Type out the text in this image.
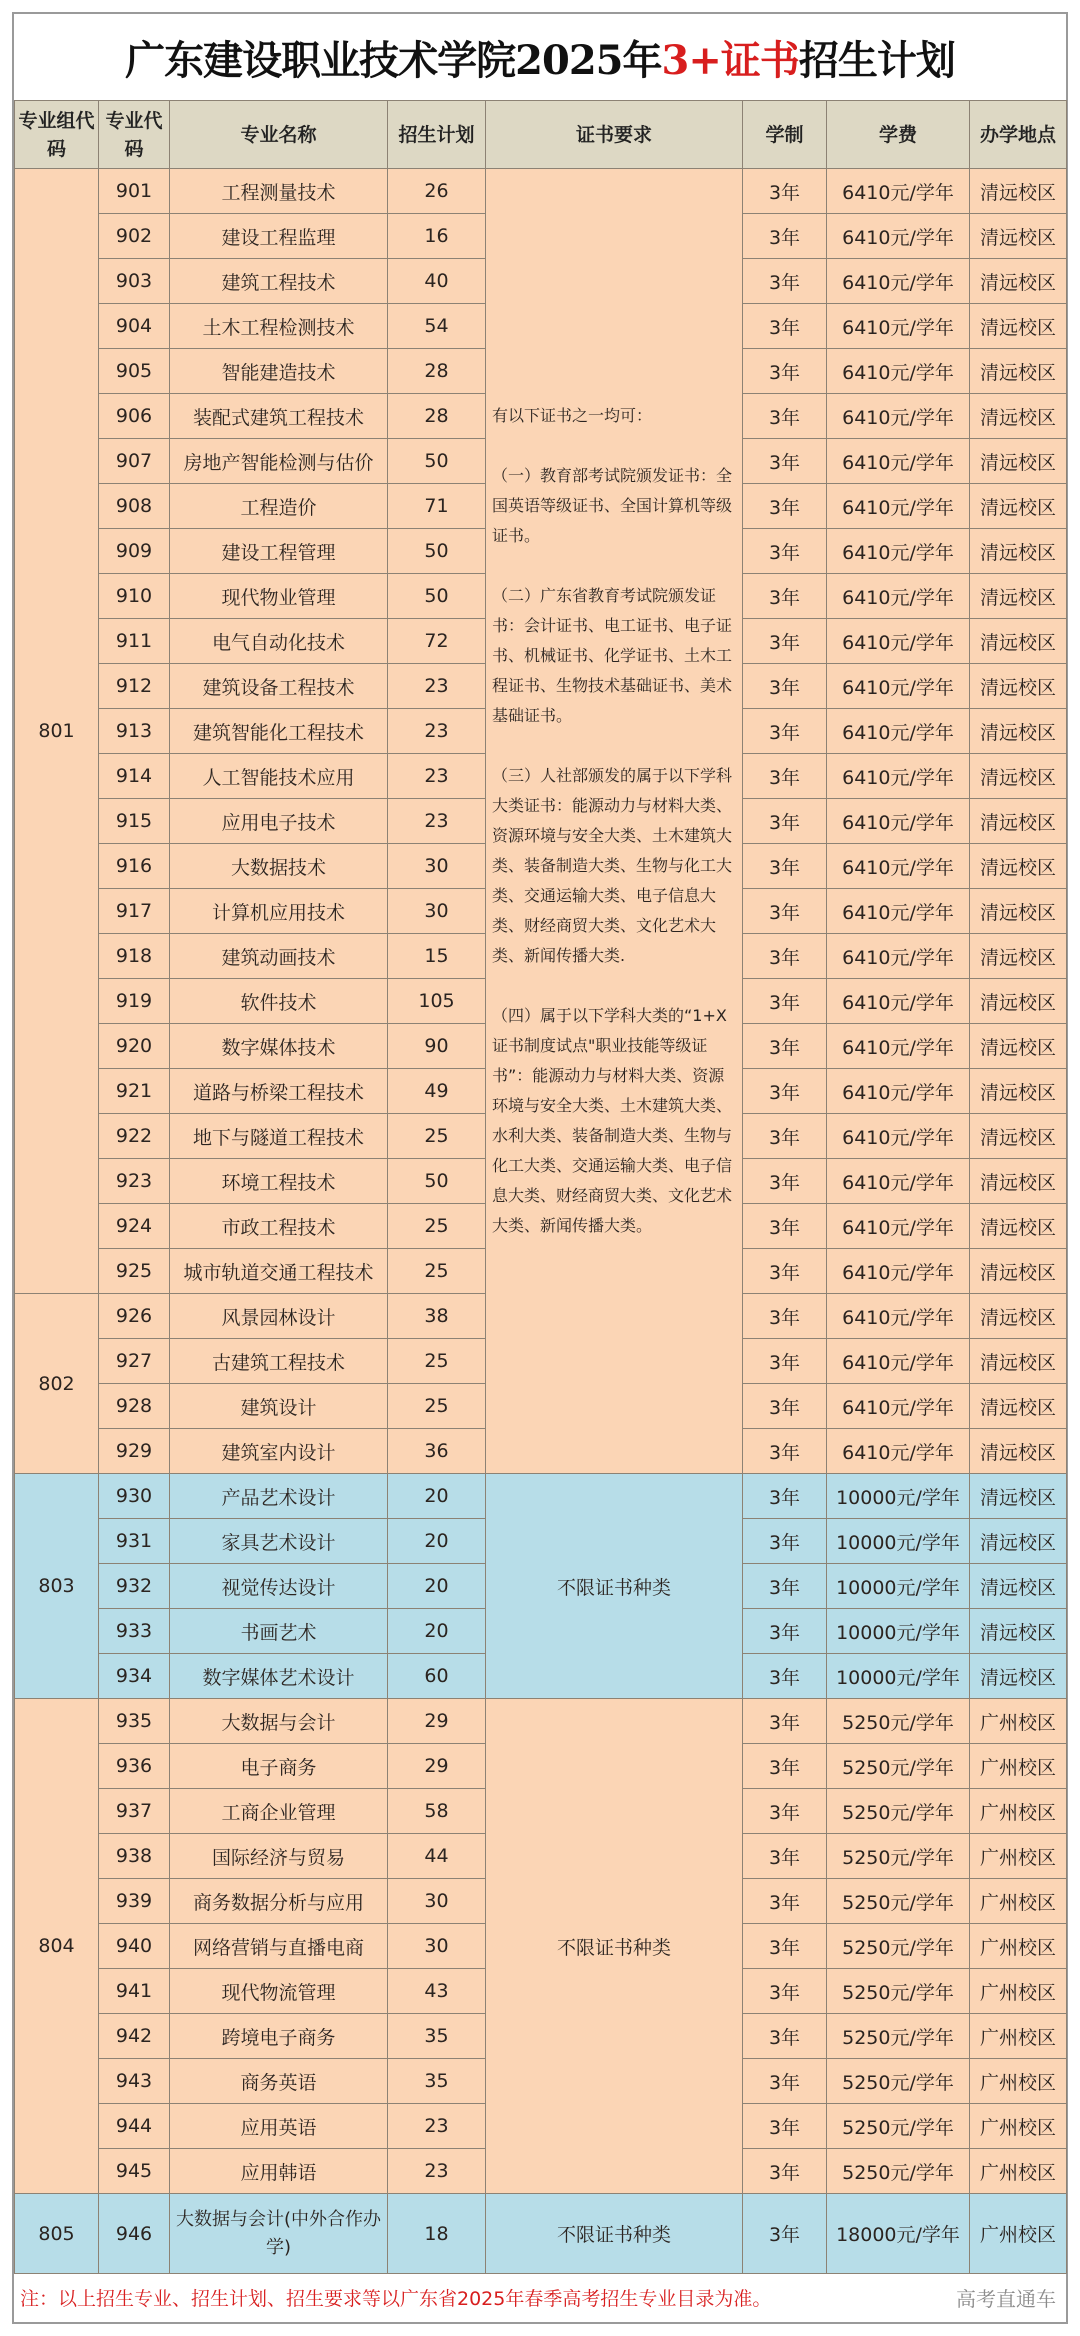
广东建设职业技术学院2025年 3+证书 招生计划
专业组代码	专业代码	专业名称	招生计划	证书要求	学制	学费	办学地点
801	901	工程测量技术	26	有以下证书之一均可：

（一）教育部考试院颁发证书：全国英语等级证书、全国计算机等级证书。

（二）广东省教育考试院颁发证书：会计证书、电工证书、电子证书、机械证书、化学证书、土木工程证书、生物技术基础证书、美术基础证书。

（三）人社部颁发的属于以下学科大类证书：能源动力与材料大类、资源环境与安全大类、土木建筑大类、装备制造大类、生物与化工大类、交通运输大类、电子信息大类、财经商贸大类、文化艺术大类、新闻传播大类.

（四）属于以下学科大类的“1+X证书制度试点"职业技能等级证书”：能源动力与材料大类、资源环境与安全大类、土木建筑大类、水利大类、装备制造大类、生物与化工大类、交通运输大类、电子信息大类、财经商贸大类、文化艺术大类、新闻传播大类。	3年	6410元/学年	清远校区
	902	建设工程监理	16		3年	6410元/学年	清远校区
	903	建筑工程技术	40		3年	6410元/学年	清远校区
	904	土木工程检测技术	54		3年	6410元/学年	清远校区
	905	智能建造技术	28		3年	6410元/学年	清远校区
	906	装配式建筑工程技术	28		3年	6410元/学年	清远校区
	907	房地产智能检测与估价	50		3年	6410元/学年	清远校区
	908	工程造价	71		3年	6410元/学年	清远校区
	909	建设工程管理	50		3年	6410元/学年	清远校区
	910	现代物业管理	50		3年	6410元/学年	清远校区
	911	电气自动化技术	72		3年	6410元/学年	清远校区
	912	建筑设备工程技术	23		3年	6410元/学年	清远校区
	913	建筑智能化工程技术	23		3年	6410元/学年	清远校区
	914	人工智能技术应用	23		3年	6410元/学年	清远校区
	915	应用电子技术	23		3年	6410元/学年	清远校区
	916	大数据技术	30		3年	6410元/学年	清远校区
	917	计算机应用技术	30		3年	6410元/学年	清远校区
	918	建筑动画技术	15		3年	6410元/学年	清远校区
	919	软件技术	105		3年	6410元/学年	清远校区
	920	数字媒体技术	90		3年	6410元/学年	清远校区
	921	道路与桥梁工程技术	49		3年	6410元/学年	清远校区
	922	地下与隧道工程技术	25		3年	6410元/学年	清远校区
	923	环境工程技术	50		3年	6410元/学年	清远校区
	924	市政工程技术	25		3年	6410元/学年	清远校区
	925	城市轨道交通工程技术	25		3年	6410元/学年	清远校区
802	926	风景园林设计	38		3年	6410元/学年	清远校区
	927	古建筑工程技术	25		3年	6410元/学年	清远校区
	928	建筑设计	25		3年	6410元/学年	清远校区
	929	建筑室内设计	36		3年	6410元/学年	清远校区
803	930	产品艺术设计	20	不限证书种类	3年	10000元/学年	清远校区
	931	家具艺术设计	20		3年	10000元/学年	清远校区
	932	视觉传达设计	20		3年	10000元/学年	清远校区
	933	书画艺术	20		3年	10000元/学年	清远校区
	934	数字媒体艺术设计	60		3年	10000元/学年	清远校区
804	935	大数据与会计	29	不限证书种类	3年	5250元/学年	广州校区
	936	电子商务	29		3年	5250元/学年	广州校区
	937	工商企业管理	58		3年	5250元/学年	广州校区
	938	国际经济与贸易	44		3年	5250元/学年	广州校区
	939	商务数据分析与应用	30		3年	5250元/学年	广州校区
	940	网络营销与直播电商	30		3年	5250元/学年	广州校区
	941	现代物流管理	43		3年	5250元/学年	广州校区
	942	跨境电子商务	35		3年	5250元/学年	广州校区
	943	商务英语	35		3年	5250元/学年	广州校区
	944	应用英语	23		3年	5250元/学年	广州校区
	945	应用韩语	23		3年	5250元/学年	广州校区
805	946	大数据与会计(中外合作办学)	18	不限证书种类	3年	18000元/学年	广州校区
注：以上招生专业、招生计划、招生要求等以广东省2025年春季高考招生专业目录为准。	高考直通车
